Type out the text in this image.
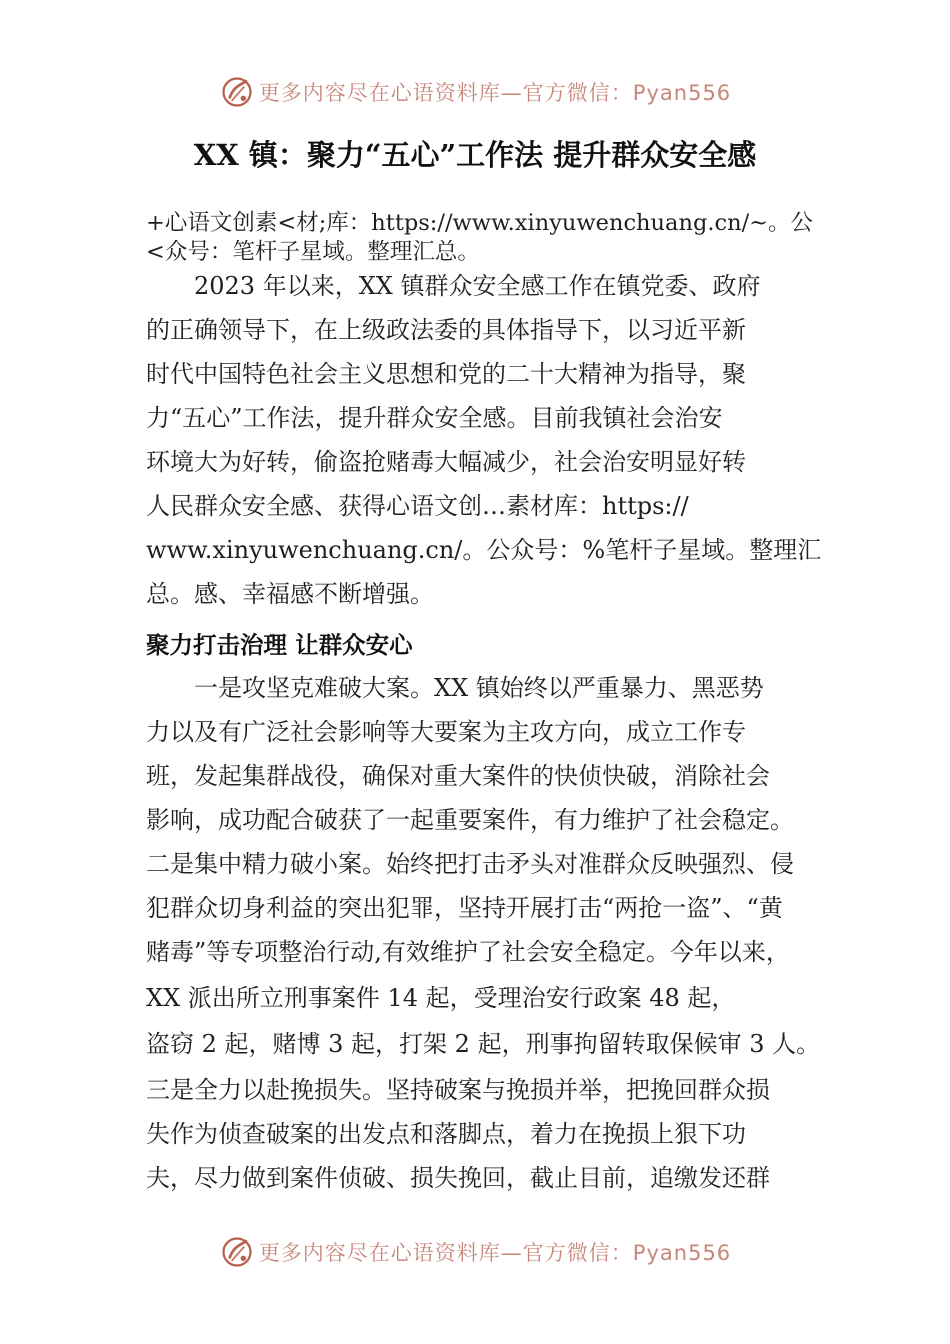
更多内容尽在心语资料库—官方微信：Pyan556
XX 镇：聚力“五心”工作法 提升群众安全感
+心语文创素<材;库：https://www.xinyuwenchuang.cn/~。公
<众号：笔杆子星域。整理汇总。
　　2023 年以来，XX 镇群众安全感工作在镇党委、政府
的正确领导下，在上级政法委的具体指导下，以习近平新
时代中国特色社会主义思想和党的二十大精神为指导，聚
力“五心”工作法，提升群众安全感。目前我镇社会治安
环境大为好转，偷盗抢赌毒大幅减少，社会治安明显好转
人民群众安全感、获得心语文创…素材库：https://
www.xinyuwenchuang.cn/。公众号：%笔杆子星域。整理汇
总。感、幸福感不断增强。
聚力打击治理 让群众安心
　　一是攻坚克难破大案。XX 镇始终以严重暴力、黑恶势
力以及有广泛社会影响等大要案为主攻方向，成立工作专
班，发起集群战役，确保对重大案件的快侦快破，消除社会
影响，成功配合破获了一起重要案件，有力维护了社会稳定。
二是集中精力破小案。始终把打击矛头对准群众反映强烈、侵
犯群众切身利益的突出犯罪，坚持开展打击“两抢一盗”、“黄
赌毒”等专项整治行动,有效维护了社会安全稳定。今年以来，
XX 派出所立刑事案件 14 起，受理治安行政案 48 起，
盗窃 2 起，赌博 3 起，打架 2 起，刑事拘留转取保候审 3 人。
三是全力以赴挽损失。坚持破案与挽损并举，把挽回群众损
失作为侦查破案的出发点和落脚点，着力在挽损上狠下功
夫，尽力做到案件侦破、损失挽回，截止目前，追缴发还群
更多内容尽在心语资料库—官方微信：Pyan556
